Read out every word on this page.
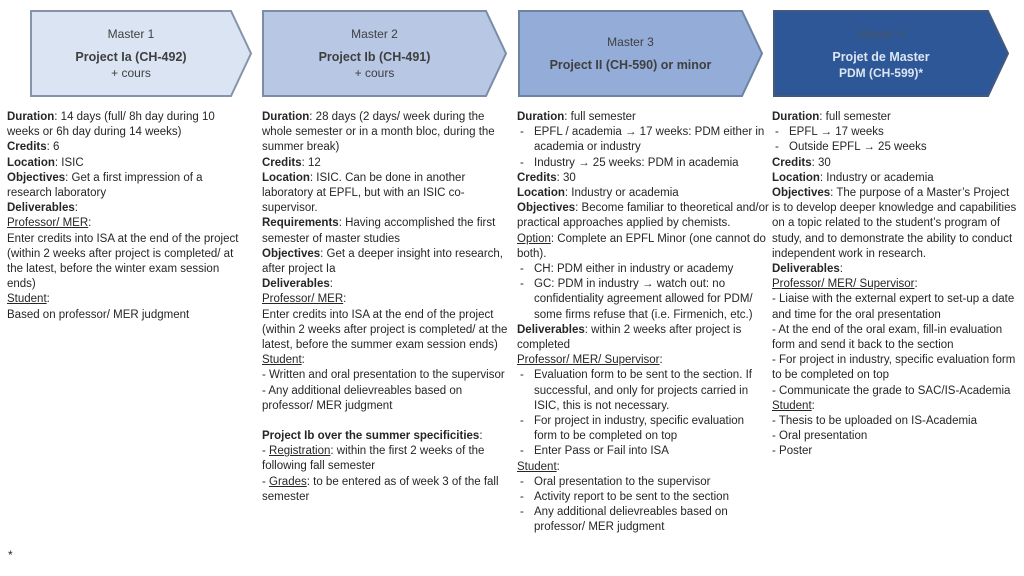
Master 1
Project Ia (CH-492)
+ cours
Master 2
Project Ib (CH-491)
+ cours
Master 3
Project II (CH-590) or minor
Master 4
Projet de Master
PDM (CH-599)*
Duration: 14 days (full/ 8h day during 10 weeks or 6h day during 14 weeks)
Credits: 6
Location: ISIC
Objectives: Get a first impression of a research laboratory
Deliverables:
Professor/ MER:
Enter credits into ISA at the end of the project (within 2 weeks after project is completed/ at the latest, before the winter exam session ends)
Student:
Based on professor/ MER judgment
Duration: 28 days (2 days/ week during the whole semester or in a month bloc, during the summer break)
Credits: 12
Location: ISIC. Can be done in another laboratory at EPFL, but with an ISIC co-supervisor.
Requirements: Having accomplished the first semester of master studies
Objectives: Get a deeper insight into research, after project Ia
Deliverables:
Professor/ MER:
Enter credits into ISA at the end of the project (within 2 weeks after project is completed/ at the latest, before the summer exam session ends)
Student:
- Written and oral presentation to the supervisor
- Any additional delievreables based on professor/ MER judgment
Project Ib over the summer specificities:
- Registration: within the first 2 weeks of the following fall semester
- Grades: to be entered as of week 3 of the fall semester
Duration: full semester
- EPFL / academia → 17 weeks: PDM either in academia or industry
- Industry → 25 weeks: PDM in academia
Credits: 30
Location: Industry or academia
Objectives: Become familiar to theoretical and/or practical approaches applied by chemists.
Option: Complete an EPFL Minor (one cannot do both).
- CH: PDM either in industry or academy
- GC: PDM in industry → watch out: no confidentiality agreement allowed for PDM/ some firms refuse that (i.e. Firmenich, etc.)
Deliverables: within 2 weeks after project is completed
Professor/ MER/ Supervisor:
- Evaluation form to be sent to the section. If successful, and only for projects carried in ISIC, this is not necessary.
- For project in industry, specific evaluation form to be completed on top
- Enter Pass or Fail into ISA
Student:
- Oral presentation to the supervisor
- Activity report to be sent to the section
- Any additional delievreables based on professor/ MER judgment
Duration: full semester
- EPFL → 17 weeks
- Outside EPFL → 25 weeks
Credits: 30
Location: Industry or academia
Objectives: The purpose of a Master’s Project is to develop deeper knowledge and capabilities on a topic related to the student’s program of study, and to demonstrate the ability to conduct independent work in research.
Deliverables:
Professor/ MER/ Supervisor:
- Liaise with the external expert to set-up a date and time for the oral presentation
- At the end of the oral exam, fill-in evaluation form and send it back to the section
- For project in industry, specific evaluation form to be completed on top
- Communicate the grade to SAC/IS-Academia
Student:
- Thesis to be uploaded on IS-Academia
- Oral presentation
- Poster
*
